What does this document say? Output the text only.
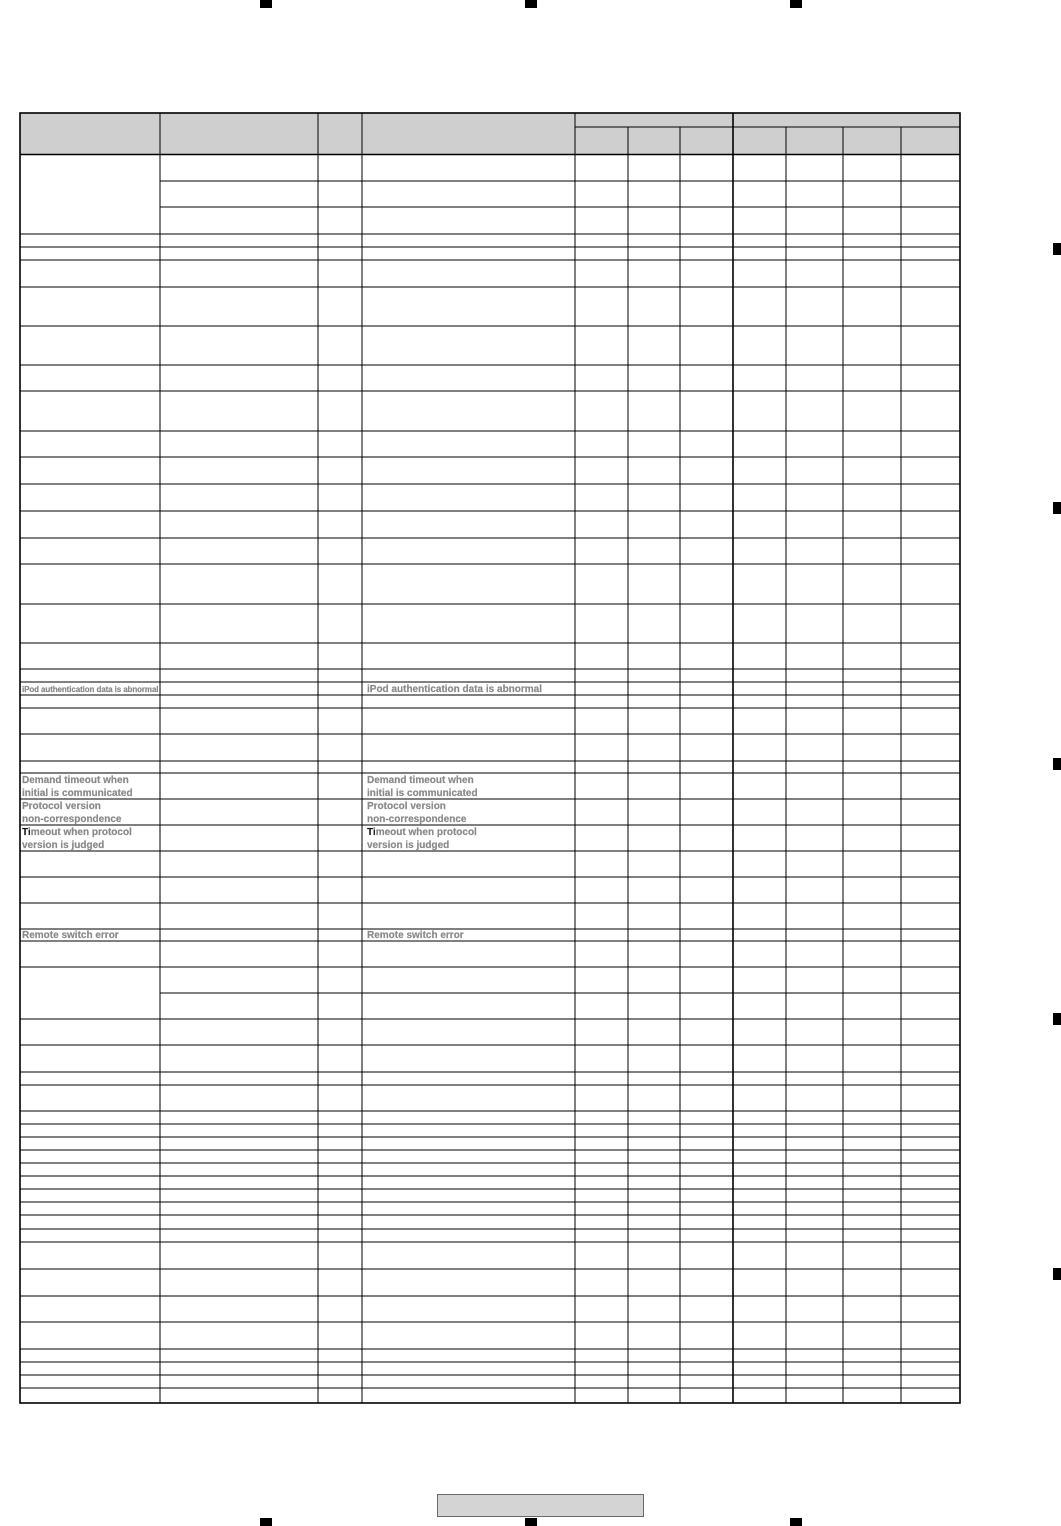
iPod authentication data is abnormal	iPod authentication data is abnormal
Demand timeout when
initial is communicated
Demand timeout when
initial is communicated
Protocol version
non-correspondence
Protocol version
non-correspondence
Timeout when protocol
version is judged
Timeout when protocol
version is judged
Remote switch error	Remote switch error
